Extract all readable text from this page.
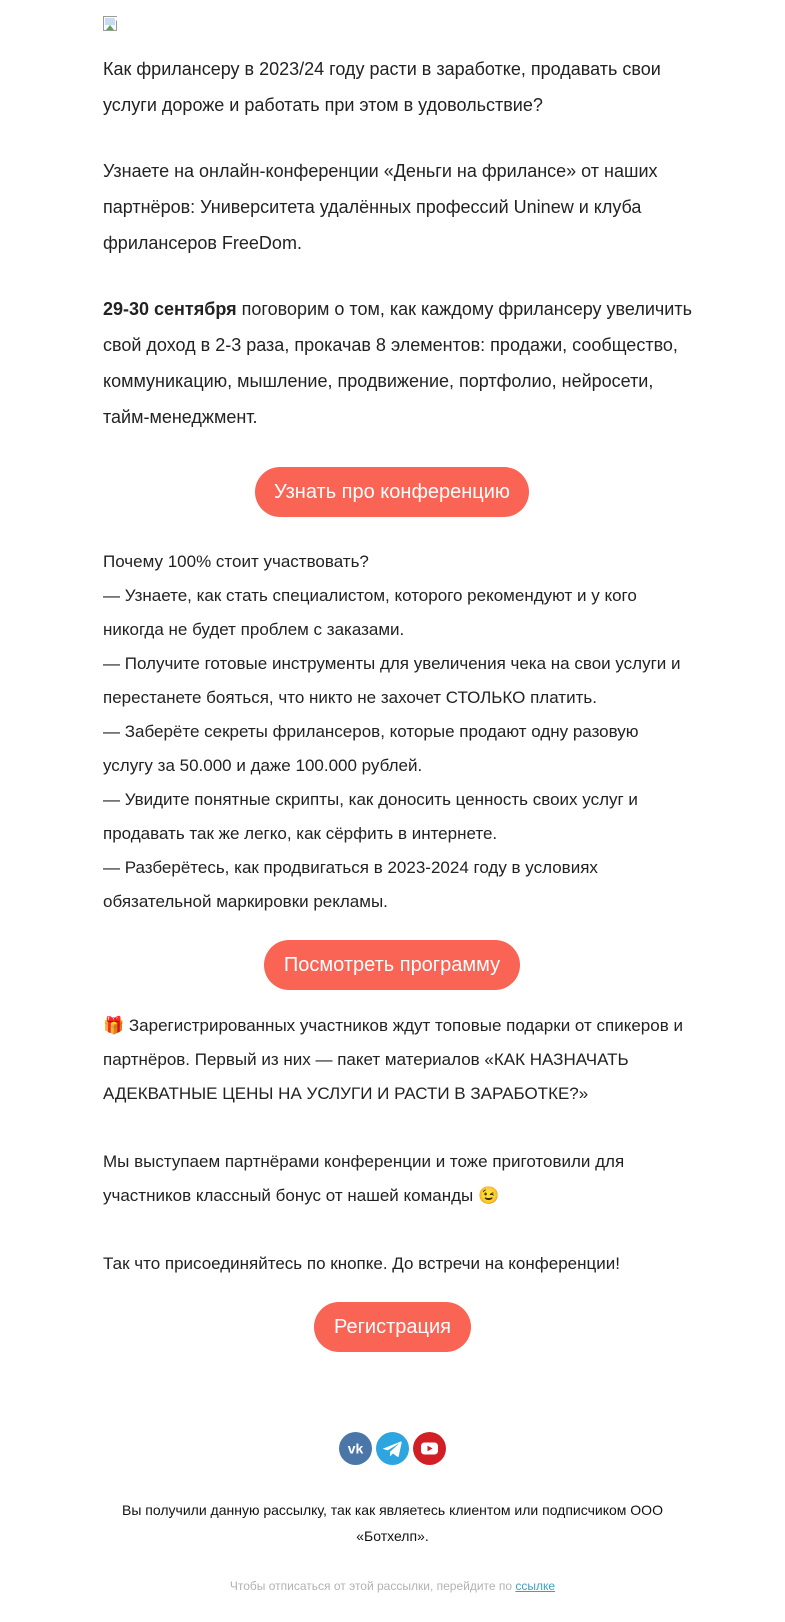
Как фрилансеру в 2023/24 году расти в заработке, продавать свои услуги дороже и работать при этом в удовольствие?

Узнаете на онлайн-конференции «Деньги на фрилансе» от наших партнёров: Университета удалённых профессий Uninew и клуба фрилансеров FreeDom.

29-30 сентября поговорим о том, как каждому фрилансеру увеличить свой доход в 2-3 раза, прокачав 8 элементов: продажи, сообщество, коммуникацию, мышление, продвижение, портфолио, нейросети, тайм-менеджмент.

Узнать про конференцию

Почему 100% стоит участвовать?

— Узнаете, как стать специалистом, которого рекомендуют и у кого никогда не будет проблем с заказами.

— Получите готовые инструменты для увеличения чека на свои услуги и перестанете бояться, что никто не захочет СТОЛЬКО платить.

— Заберёте секреты фрилансеров, которые продают одну разовую услугу за 50.000 и даже 100.000 рублей.

— Увидите понятные скрипты, как доносить ценность своих услуг и продавать так же легко, как сёрфить в интернете.

— Разберётесь, как продвигаться в 2023-2024 году в условиях обязательной маркировки рекламы.

Посмотреть программу

🎁 Зарегистрированных участников ждут топовые подарки от спикеров и партнёров. Первый из них — пакет материалов «КАК НАЗНАЧАТЬ АДЕКВАТНЫЕ ЦЕНЫ НА УСЛУГИ И РАСТИ В ЗАРАБОТКЕ?»

Мы выступаем партнёрами конференции и тоже приготовили для участников классный бонус от нашей команды 😉

Так что присоединяйтесь по кнопке. До встречи на конференции!

Регистрация
vk

Вы получили данную рассылку, так как являетесь клиентом или подписчиком ООО «Ботхелп».

Чтобы отписаться от этой рассылки, перейдите по ссылке
